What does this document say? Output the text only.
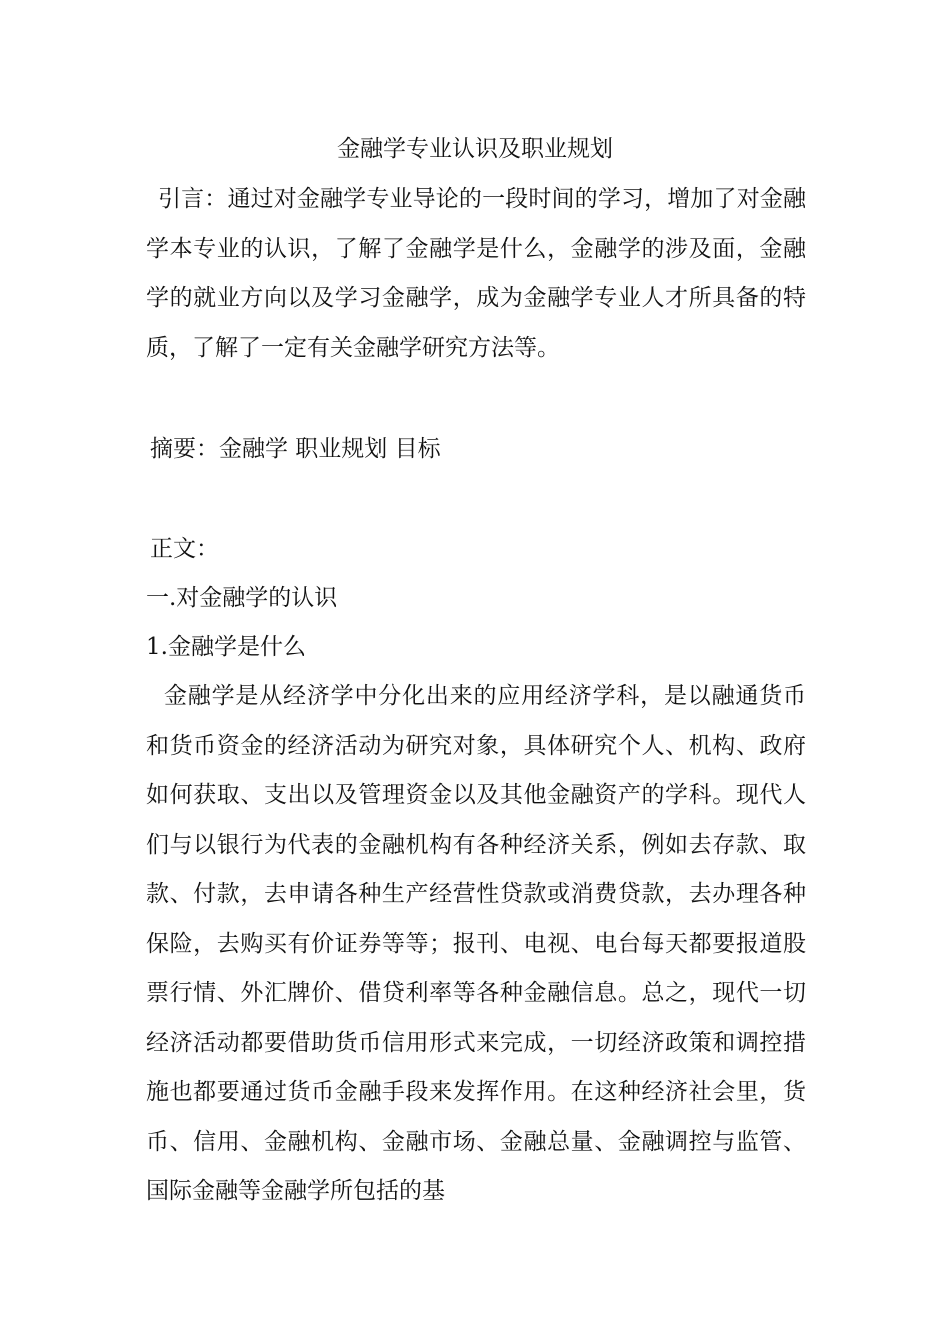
金融学专业认识及职业规划
引言：通过对金融学专业导论的一段时间的学习，增加了对金融学本专业的认识，了解了金融学是什么，金融学的涉及面，金融学的就业方向以及学习金融学，成为金融学专业人才所具备的特质，了解了一定有关金融学研究方法等。
摘要：金融学 职业规划 目标
正文：
一.对金融学的认识
1.金融学是什么
金融学是从经济学中分化出来的应用经济学科，是以融通货币和货币资金的经济活动为研究对象，具体研究个人、机构、政府如何获取、支出以及管理资金以及其他金融资产的学科。现代人们与以银行为代表的金融机构有各种经济关系，例如去存款、取款、付款，去申请各种生产经营性贷款或消费贷款，去办理各种保险，去购买有价证券等等；报刊、电视、电台每天都要报道股票行情、外汇牌价、借贷利率等各种金融信息。总之，现代一切经济活动都要借助货币信用形式来完成，一切经济政策和调控措施也都要通过货币金融手段来发挥作用。在这种经济社会里，货币、信用、金融机构、金融市场、金融总量、金融调控与监管、国际金融等金融学所包括的基
